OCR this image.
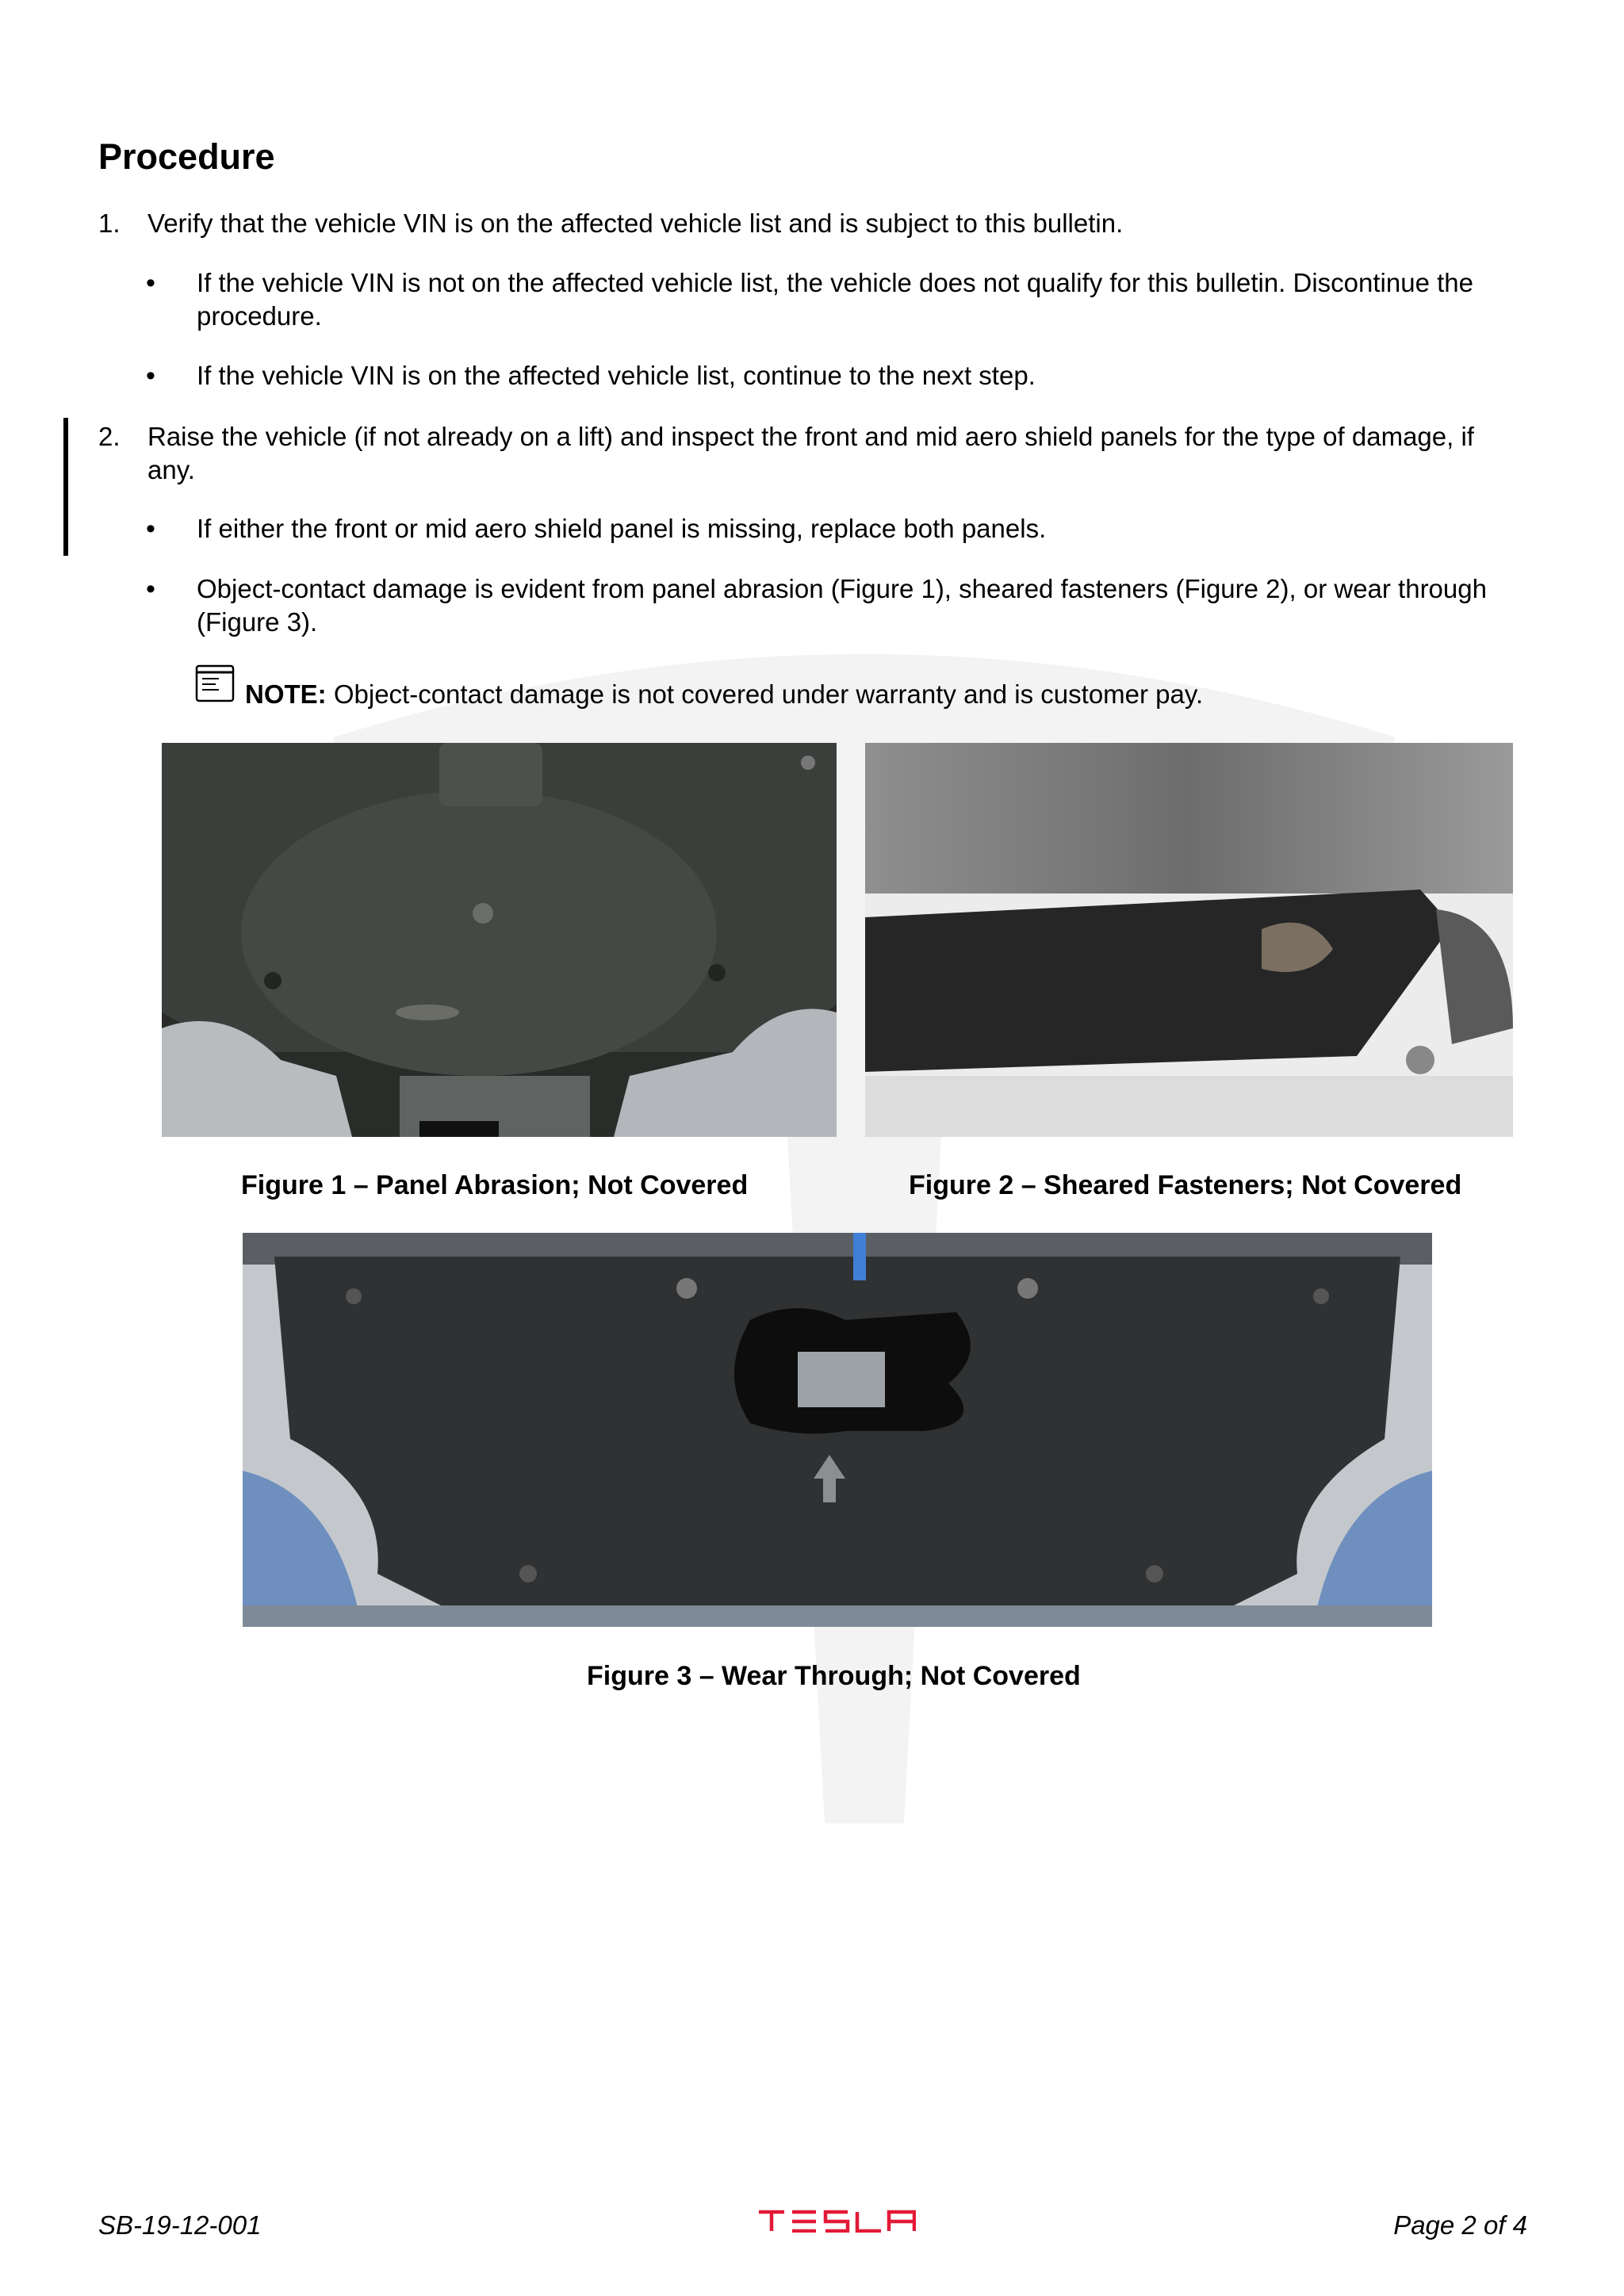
Procedure
1. Verify that the vehicle VIN is on the affected vehicle list and is subject to this bulletin.
• If the vehicle VIN is not on the affected vehicle list, the vehicle does not qualify for this bulletin. Discontinue the procedure.
• If the vehicle VIN is on the affected vehicle list, continue to the next step.
2. Raise the vehicle (if not already on a lift) and inspect the front and mid aero shield panels for the type of damage, if any.
• If either the front or mid aero shield panel is missing, replace both panels.
• Object-contact damage is evident from panel abrasion (Figure 1), sheared fasteners (Figure 2), or wear through (Figure 3).
NOTE: Object-contact damage is not covered under warranty and is customer pay.
Figure 1 – Panel Abrasion; Not Covered	Figure 2 – Sheared Fasteners; Not Covered
Figure 3 – Wear Through; Not Covered
SB-19-12-001	Page 2 of 4
